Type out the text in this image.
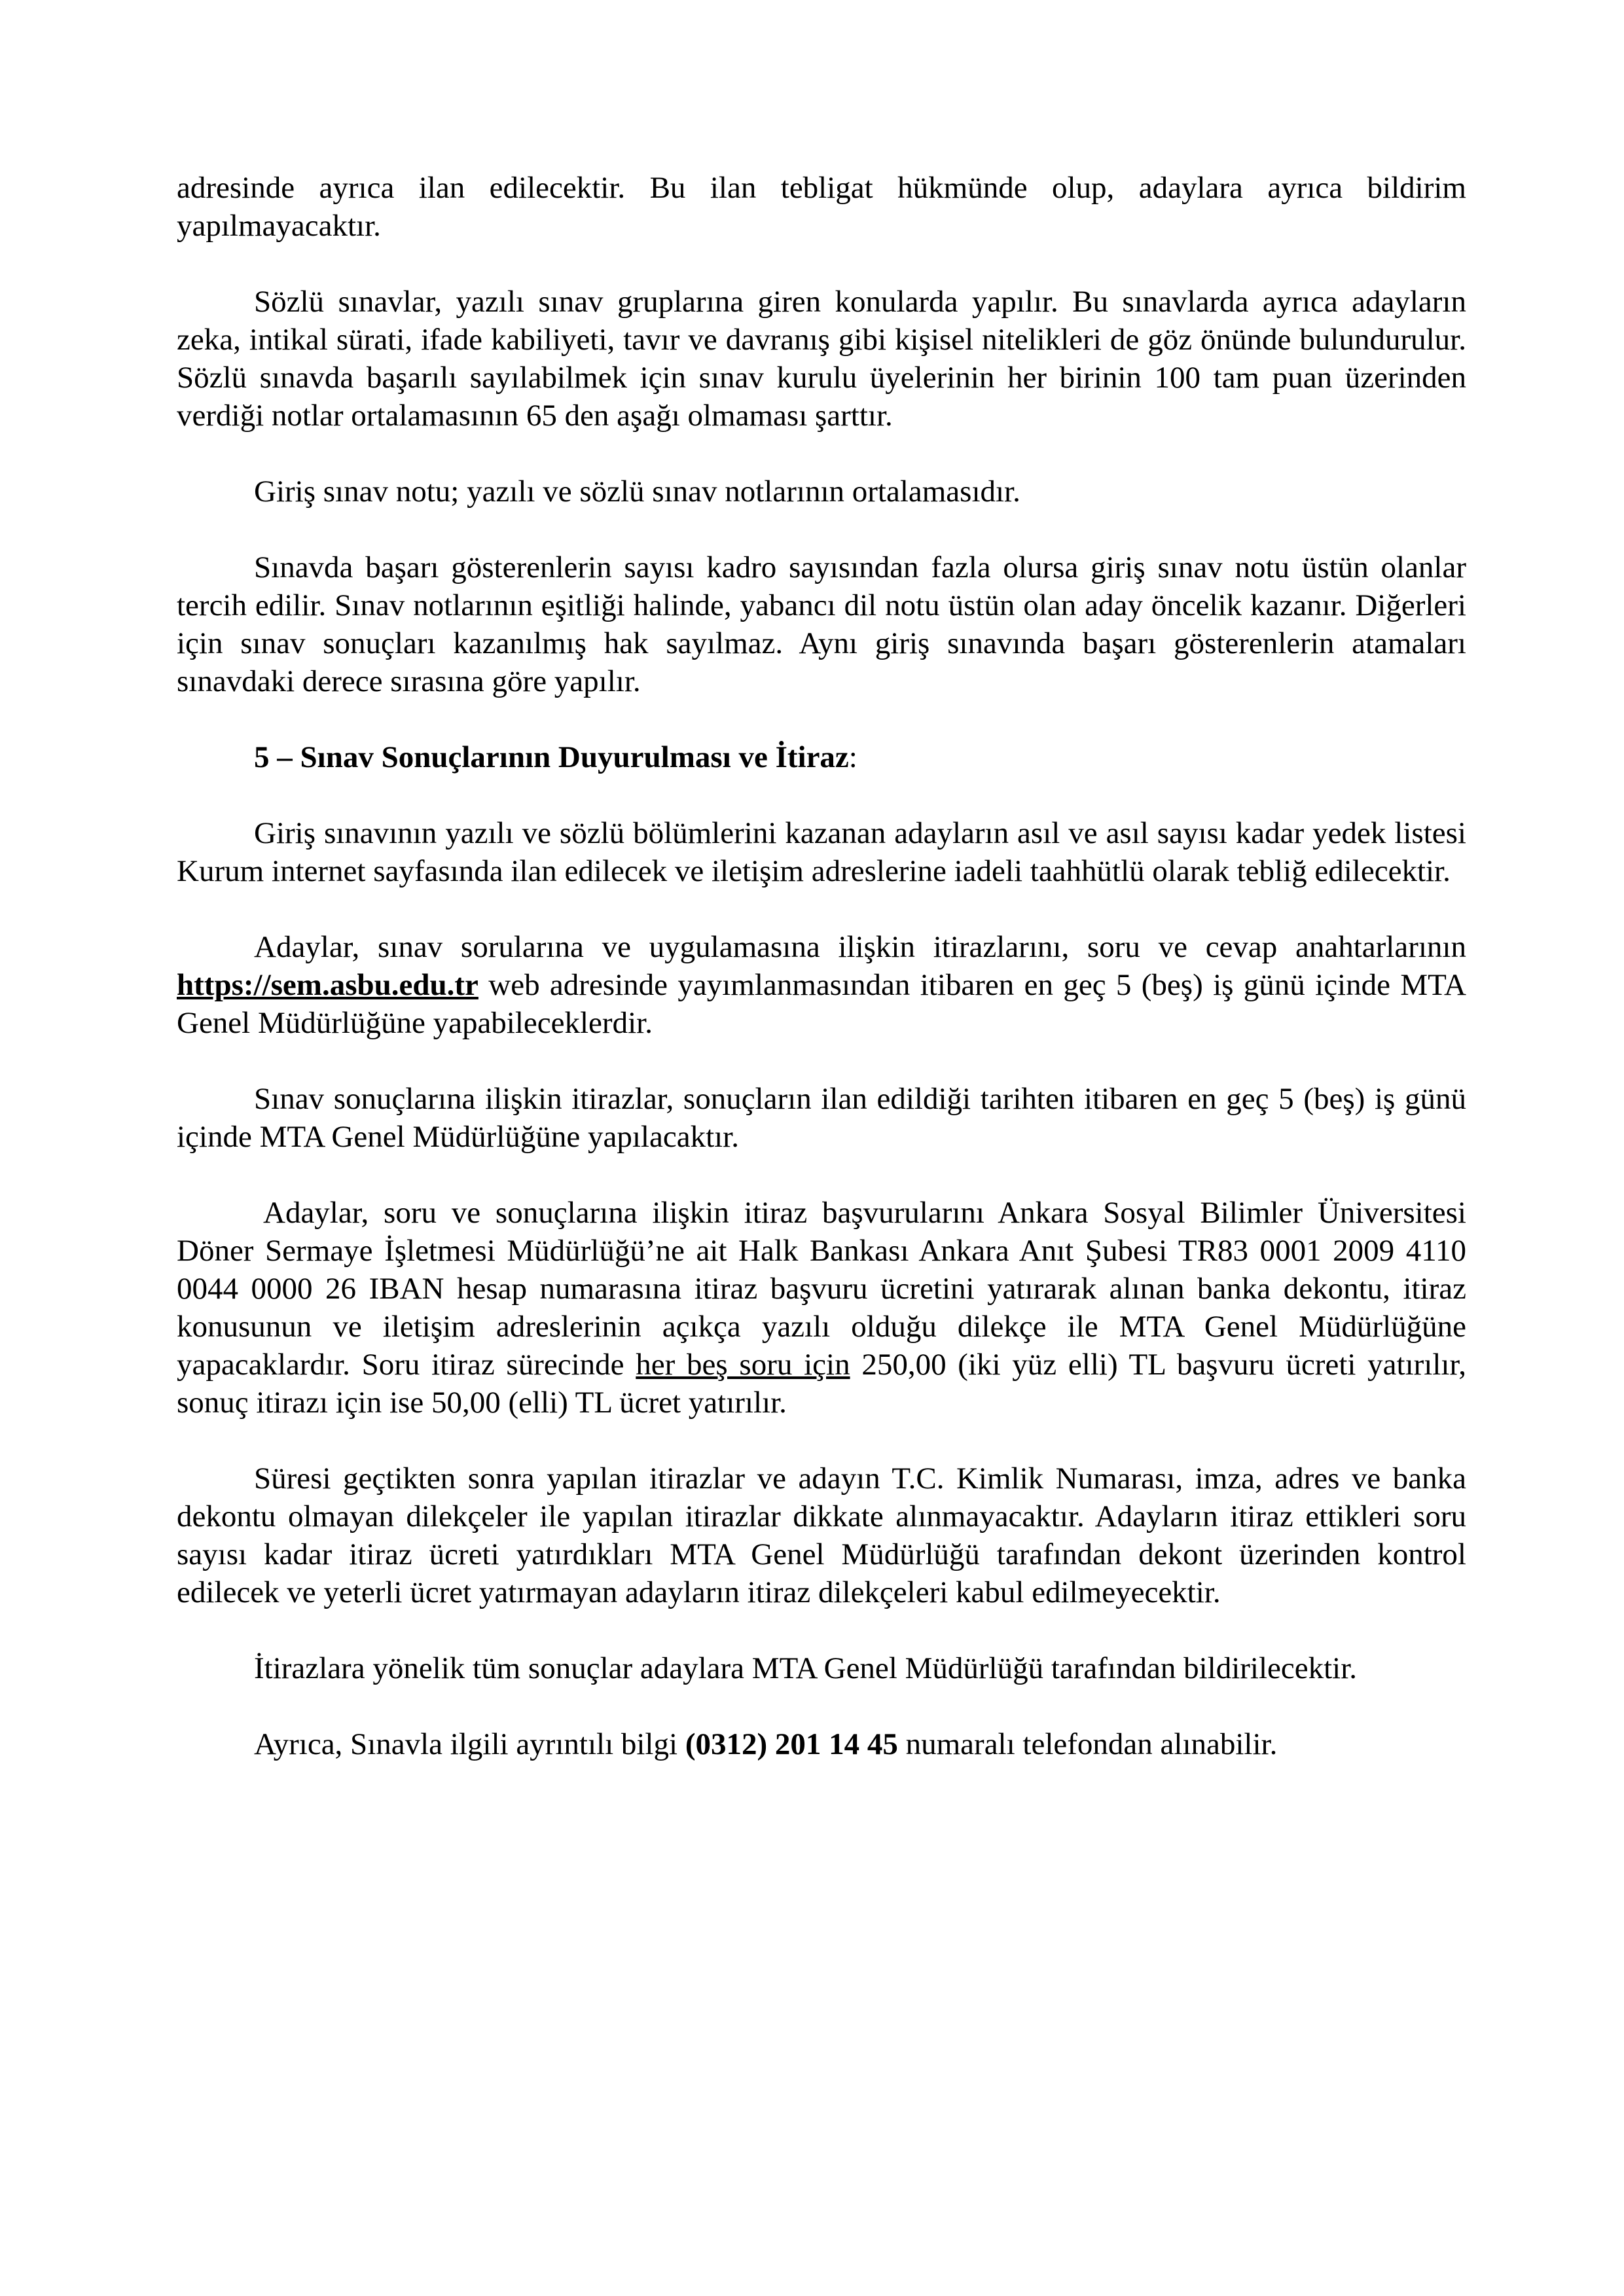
adresinde ayrıca ilan edilecektir. Bu ilan tebligat hükmünde olup, adaylara ayrıca bildirim yapılmayacaktır.

Sözlü sınavlar, yazılı sınav gruplarına giren konularda yapılır. Bu sınavlarda ayrıca adayların zeka, intikal sürati, ifade kabiliyeti, tavır ve davranış gibi kişisel nitelikleri de göz önünde bulundurulur. Sözlü sınavda başarılı sayılabilmek için sınav kurulu üyelerinin her birinin 100 tam puan üzerinden verdiği notlar ortalamasının 65 den aşağı olmaması şarttır.

Giriş sınav notu; yazılı ve sözlü sınav notlarının ortalamasıdır.

Sınavda başarı gösterenlerin sayısı kadro sayısından fazla olursa giriş sınav notu üstün olanlar tercih edilir. Sınav notlarının eşitliği halinde, yabancı dil notu üstün olan aday öncelik kazanır. Diğerleri için sınav sonuçları kazanılmış hak sayılmaz. Aynı giriş sınavında başarı gösterenlerin atamaları sınavdaki derece sırasına göre yapılır.

5 – Sınav Sonuçlarının Duyurulması ve İtiraz:

Giriş sınavının yazılı ve sözlü bölümlerini kazanan adayların asıl ve asıl sayısı kadar yedek listesi Kurum internet sayfasında ilan edilecek ve iletişim adreslerine iadeli taahhütlü olarak tebliğ edilecektir.

Adaylar, sınav sorularına ve uygulamasına ilişkin itirazlarını, soru ve cevap anahtarlarının https://sem.asbu.edu.tr web adresinde yayımlanmasından itibaren en geç 5 (beş) iş günü içinde MTA Genel Müdürlüğüne yapabileceklerdir.

Sınav sonuçlarına ilişkin itirazlar, sonuçların ilan edildiği tarihten itibaren en geç 5 (beş) iş günü içinde MTA Genel Müdürlüğüne yapılacaktır.

Adaylar, soru ve sonuçlarına ilişkin itiraz başvurularını Ankara Sosyal Bilimler Üniversitesi Döner Sermaye İşletmesi Müdürlüğü’ne ait Halk Bankası Ankara Anıt Şubesi TR83 0001 2009 4110 0044 0000 26 IBAN hesap numarasına itiraz başvuru ücretini yatırarak alınan banka dekontu, itiraz konusunun ve iletişim adreslerinin açıkça yazılı olduğu dilekçe ile MTA Genel Müdürlüğüne yapacaklardır. Soru itiraz sürecinde her beş soru için 250,00 (iki yüz elli) TL başvuru ücreti yatırılır, sonuç itirazı için ise 50,00 (elli) TL ücret yatırılır.

Süresi geçtikten sonra yapılan itirazlar ve adayın T.C. Kimlik Numarası, imza, adres ve banka dekontu olmayan dilekçeler ile yapılan itirazlar dikkate alınmayacaktır. Adayların itiraz ettikleri soru sayısı kadar itiraz ücreti yatırdıkları MTA Genel Müdürlüğü tarafından dekont üzerinden kontrol edilecek ve yeterli ücret yatırmayan adayların itiraz dilekçeleri kabul edilmeyecektir.

İtirazlara yönelik tüm sonuçlar adaylara MTA Genel Müdürlüğü tarafından bildirilecektir.

Ayrıca, Sınavla ilgili ayrıntılı bilgi (0312) 201 14 45 numaralı telefondan alınabilir.
